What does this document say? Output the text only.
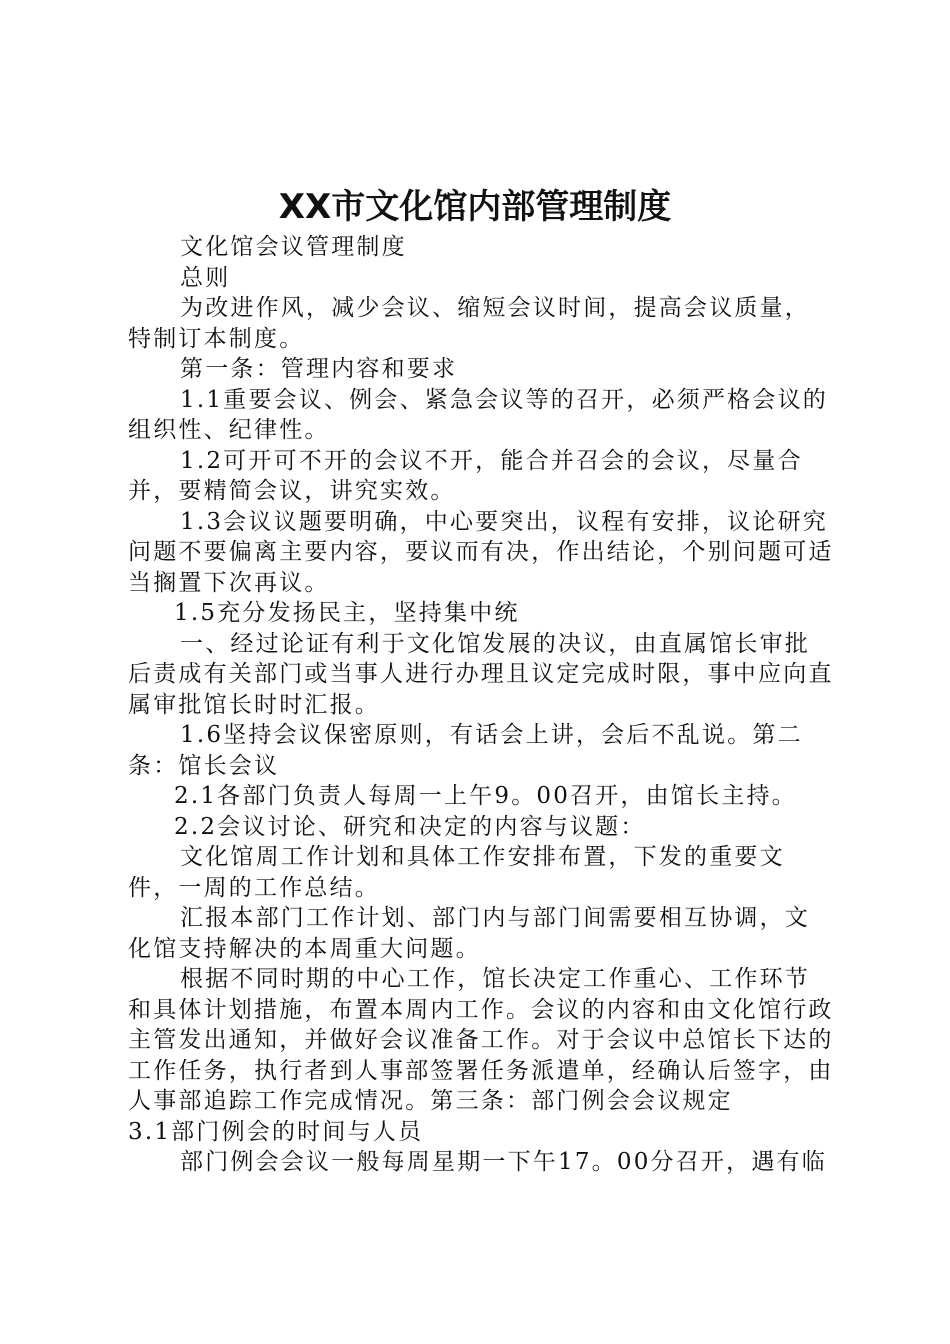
XX市文化馆内部管理制度

文化馆会议管理制度

总则

为改进作风，减少会议、缩短会议时间，提高会议质量，特制订本制度。

第一条：管理内容和要求

1.1重要会议、例会、紧急会议等的召开，必须严格会议的组织性、纪律性。

1.2可开可不开的会议不开，能合并召会的会议，尽量合并，要精简会议，讲究实效。

1.3会议议题要明确，中心要突出，议程有安排，议论研究问题不要偏离主要内容，要议而有决，作出结论，个别问题可适当搁置下次再议。

1.5充分发扬民主，坚持集中统

一、经过论证有利于文化馆发展的决议，由直属馆长审批后责成有关部门或当事人进行办理且议定完成时限，事中应向直属审批馆长时时汇报。

1.6坚持会议保密原则，有话会上讲，会后不乱说。第二条：馆长会议

2.1各部门负责人每周一上午9。00召开，由馆长主持。

2.2会议讨论、研究和决定的内容与议题：

文化馆周工作计划和具体工作安排布置，下发的重要文件，一周的工作总结。

汇报本部门工作计划、部门内与部门间需要相互协调，文化馆支持解决的本周重大问题。

根据不同时期的中心工作，馆长决定工作重心、工作环节和具体计划措施，布置本周内工作。会议的内容和由文化馆行政主管发出通知，并做好会议准备工作。对于会议中总馆长下达的工作任务，执行者到人事部签署任务派遣单，经确认后签字，由人事部追踪工作完成情况。第三条：部门例会会议规定

3.1部门例会的时间与人员

部门例会会议一般每周星期一下午17。00分召开，遇有临
